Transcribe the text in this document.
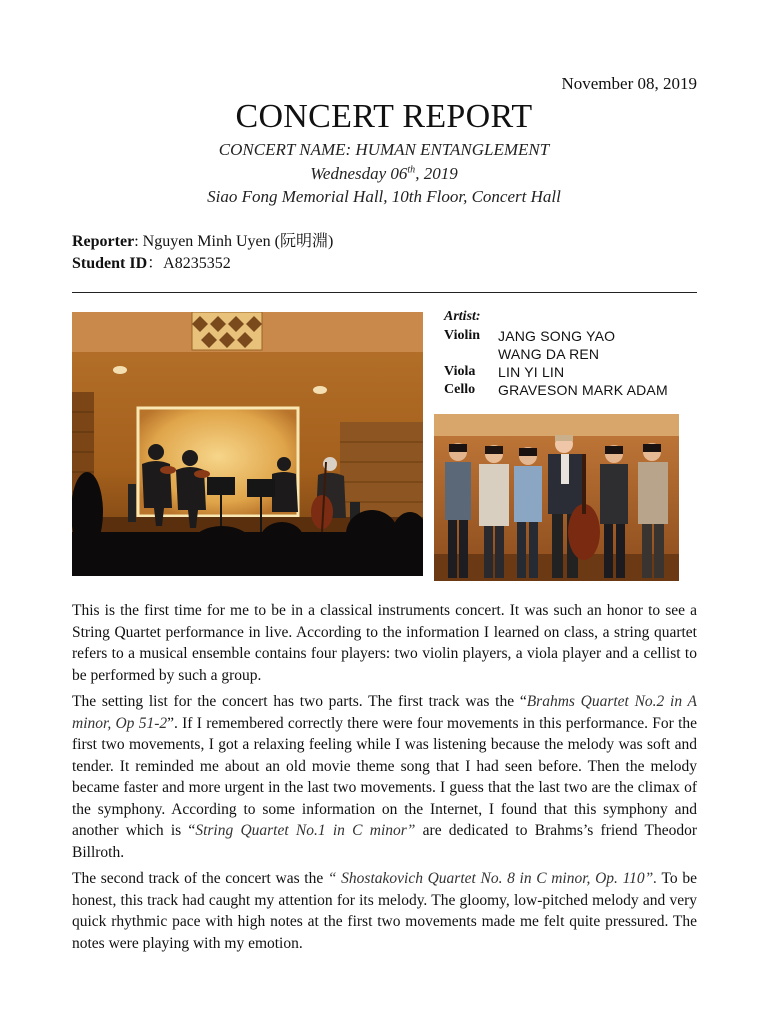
November 08, 2019
CONCERT REPORT
CONCERT NAME: HUMAN ENTANGLEMENT
Wednesday 06th, 2019
Siao Fong Memorial Hall, 10th Floor, Concert Hall
Reporter: Nguyen Minh Uyen (阮明淵)
Student ID：A8235352
Artist:
Violin	JANG SONG YAO
WANG DA REN
Viola	LIN YI LIN
Cello	GRAVESON MARK ADAM

This is the first time for me to be in a classical instruments concert. It was such an honor to see a String Quartet performance in live. According to the information I learned on class, a string quartet refers to a musical ensemble contains four players: two violin players, a viola player and a cellist to be performed by such a group.

The setting list for the concert has two parts. The first track was the “Brahms Quartet No.2 in A minor, Op 51-2”. If I remembered correctly there were four movements in this performance. For the first two movements, I got a relaxing feeling while I was listening because the melody was soft and tender. It reminded me about an old movie theme song that I had seen before. Then the melody became faster and more urgent in the last two movements. I guess that the last two are the climax of the symphony. According to some information on the Internet, I found that this symphony and another which is “String Quartet No.1 in C minor” are dedicated to Brahms’s friend Theodor Billroth.

The second track of the concert was the “ Shostakovich Quartet No. 8 in C minor, Op. 110”. To be honest, this track had caught my attention for its melody. The gloomy, low-pitched melody and very quick rhythmic pace with high notes at the first two movements made me felt quite pressured. The notes were playing with my emotion.
